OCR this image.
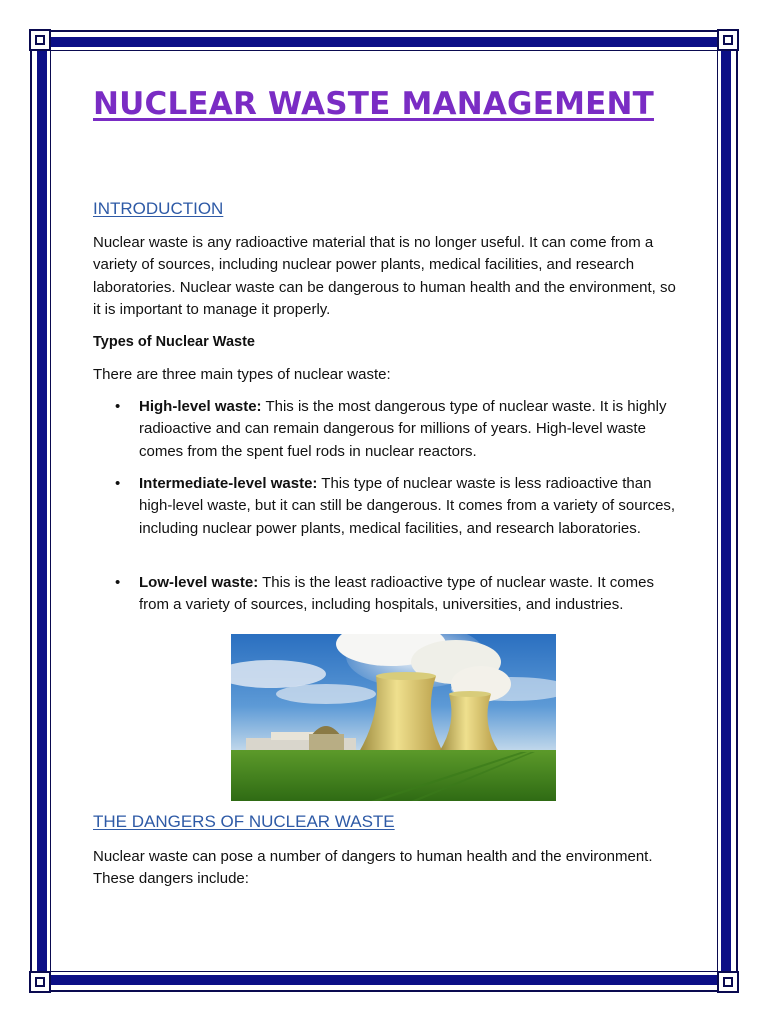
NUCLEAR WASTE MANAGEMENT
INTRODUCTION

Nuclear waste is any radioactive material that is no longer useful. It can come from a variety of sources, including nuclear power plants, medical facilities, and research laboratories. Nuclear waste can be dangerous to human health and the environment, so it is important to manage it properly.

Types of Nuclear Waste

There are three main types of nuclear waste:

• High-level waste: This is the most dangerous type of nuclear waste. It is highly radioactive and can remain dangerous for millions of years. High-level waste comes from the spent fuel rods in nuclear reactors.
• Intermediate-level waste: This type of nuclear waste is less radioactive than high-level waste, but it can still be dangerous. It comes from a variety of sources, including nuclear power plants, medical facilities, and research laboratories.
• Low-level waste: This is the least radioactive type of nuclear waste. It comes from a variety of sources, including hospitals, universities, and industries.
THE DANGERS OF NUCLEAR WASTE

Nuclear waste can pose a number of dangers to human health and the environment. These dangers include:
